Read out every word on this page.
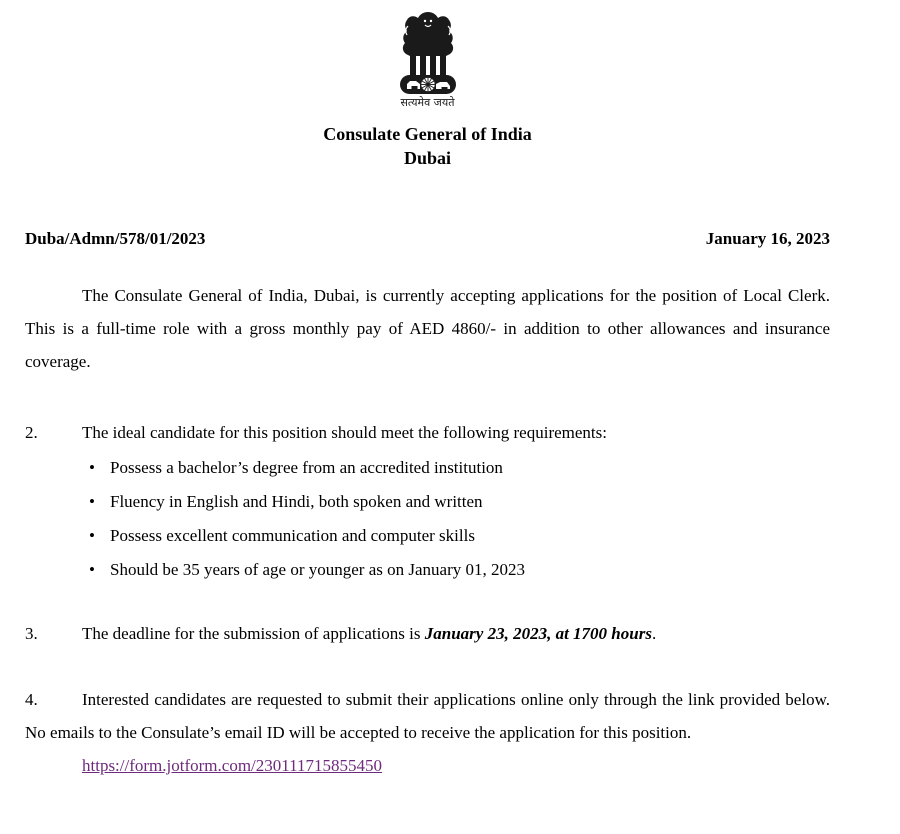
सत्यमेव जयते
Consulate General of India
Dubai
Duba/Admn/578/01/2023	January 16, 2023
The Consulate General of India, Dubai, is currently accepting applications for the position of Local Clerk. This is a full-time role with a gross monthly pay of AED 4860/- in addition to other allowances and insurance coverage.
2.	The ideal candidate for this position should meet the following requirements:
• Possess a bachelor’s degree from an accredited institution
• Fluency in English and Hindi, both spoken and written
• Possess excellent communication and computer skills
• Should be 35 years of age or younger as on January 01, 2023
3.	The deadline for the submission of applications is January 23, 2023, at 1700 hours.
4.	Interested candidates are requested to submit their applications online only through the link provided below. No emails to the Consulate’s email ID will be accepted to receive the application for this position.
https://form.jotform.com/230111715855450
